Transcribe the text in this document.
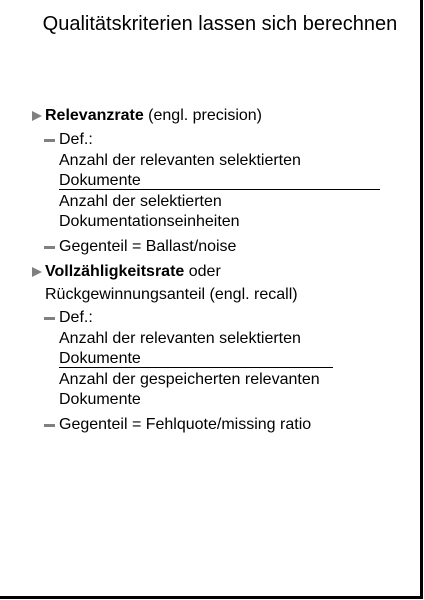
Qualitätskriterien lassen sich berechnen
Relevanzrate (engl. precision)
Def.:
Anzahl der relevanten selektierten
Dokumente
Anzahl der selektierten
Dokumentationseinheiten
Gegenteil = Ballast/noise
Vollzähligkeitsrate oder
Rückgewinnungsanteil (engl. recall)
Def.:
Anzahl der relevanten selektierten
Dokumente
Anzahl der gespeicherten relevanten
Dokumente
Gegenteil = Fehlquote/missing ratio
